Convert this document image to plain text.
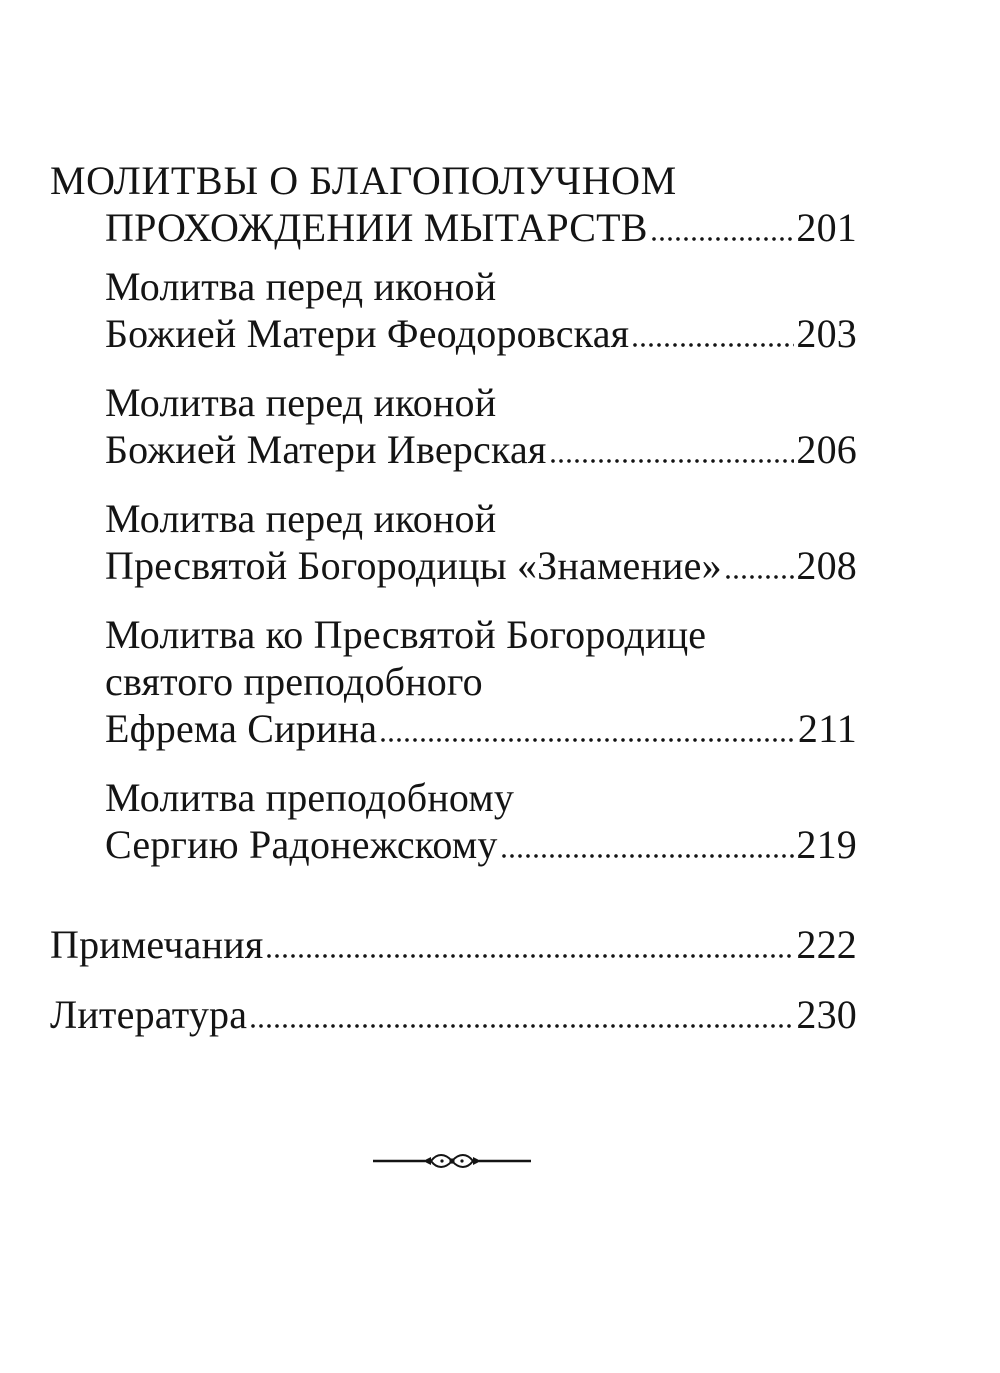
МОЛИТВЫ О БЛАГОПОЛУЧНОМ
ПРОХОЖДЕНИИ МЫТАРСТВ	201
Молитва перед иконой
Божией Матери Феодоровская	203
Молитва перед иконой
Божией Матери Иверская	206
Молитва перед иконой
Пресвятой Богородицы «Знамение» 208
Молитва ко Пресвятой Богородице
святого преподобного
Ефрема Сирина	211
Молитва преподобному
Сергию Радонежскому	219
Примечания	222
Литература	230
